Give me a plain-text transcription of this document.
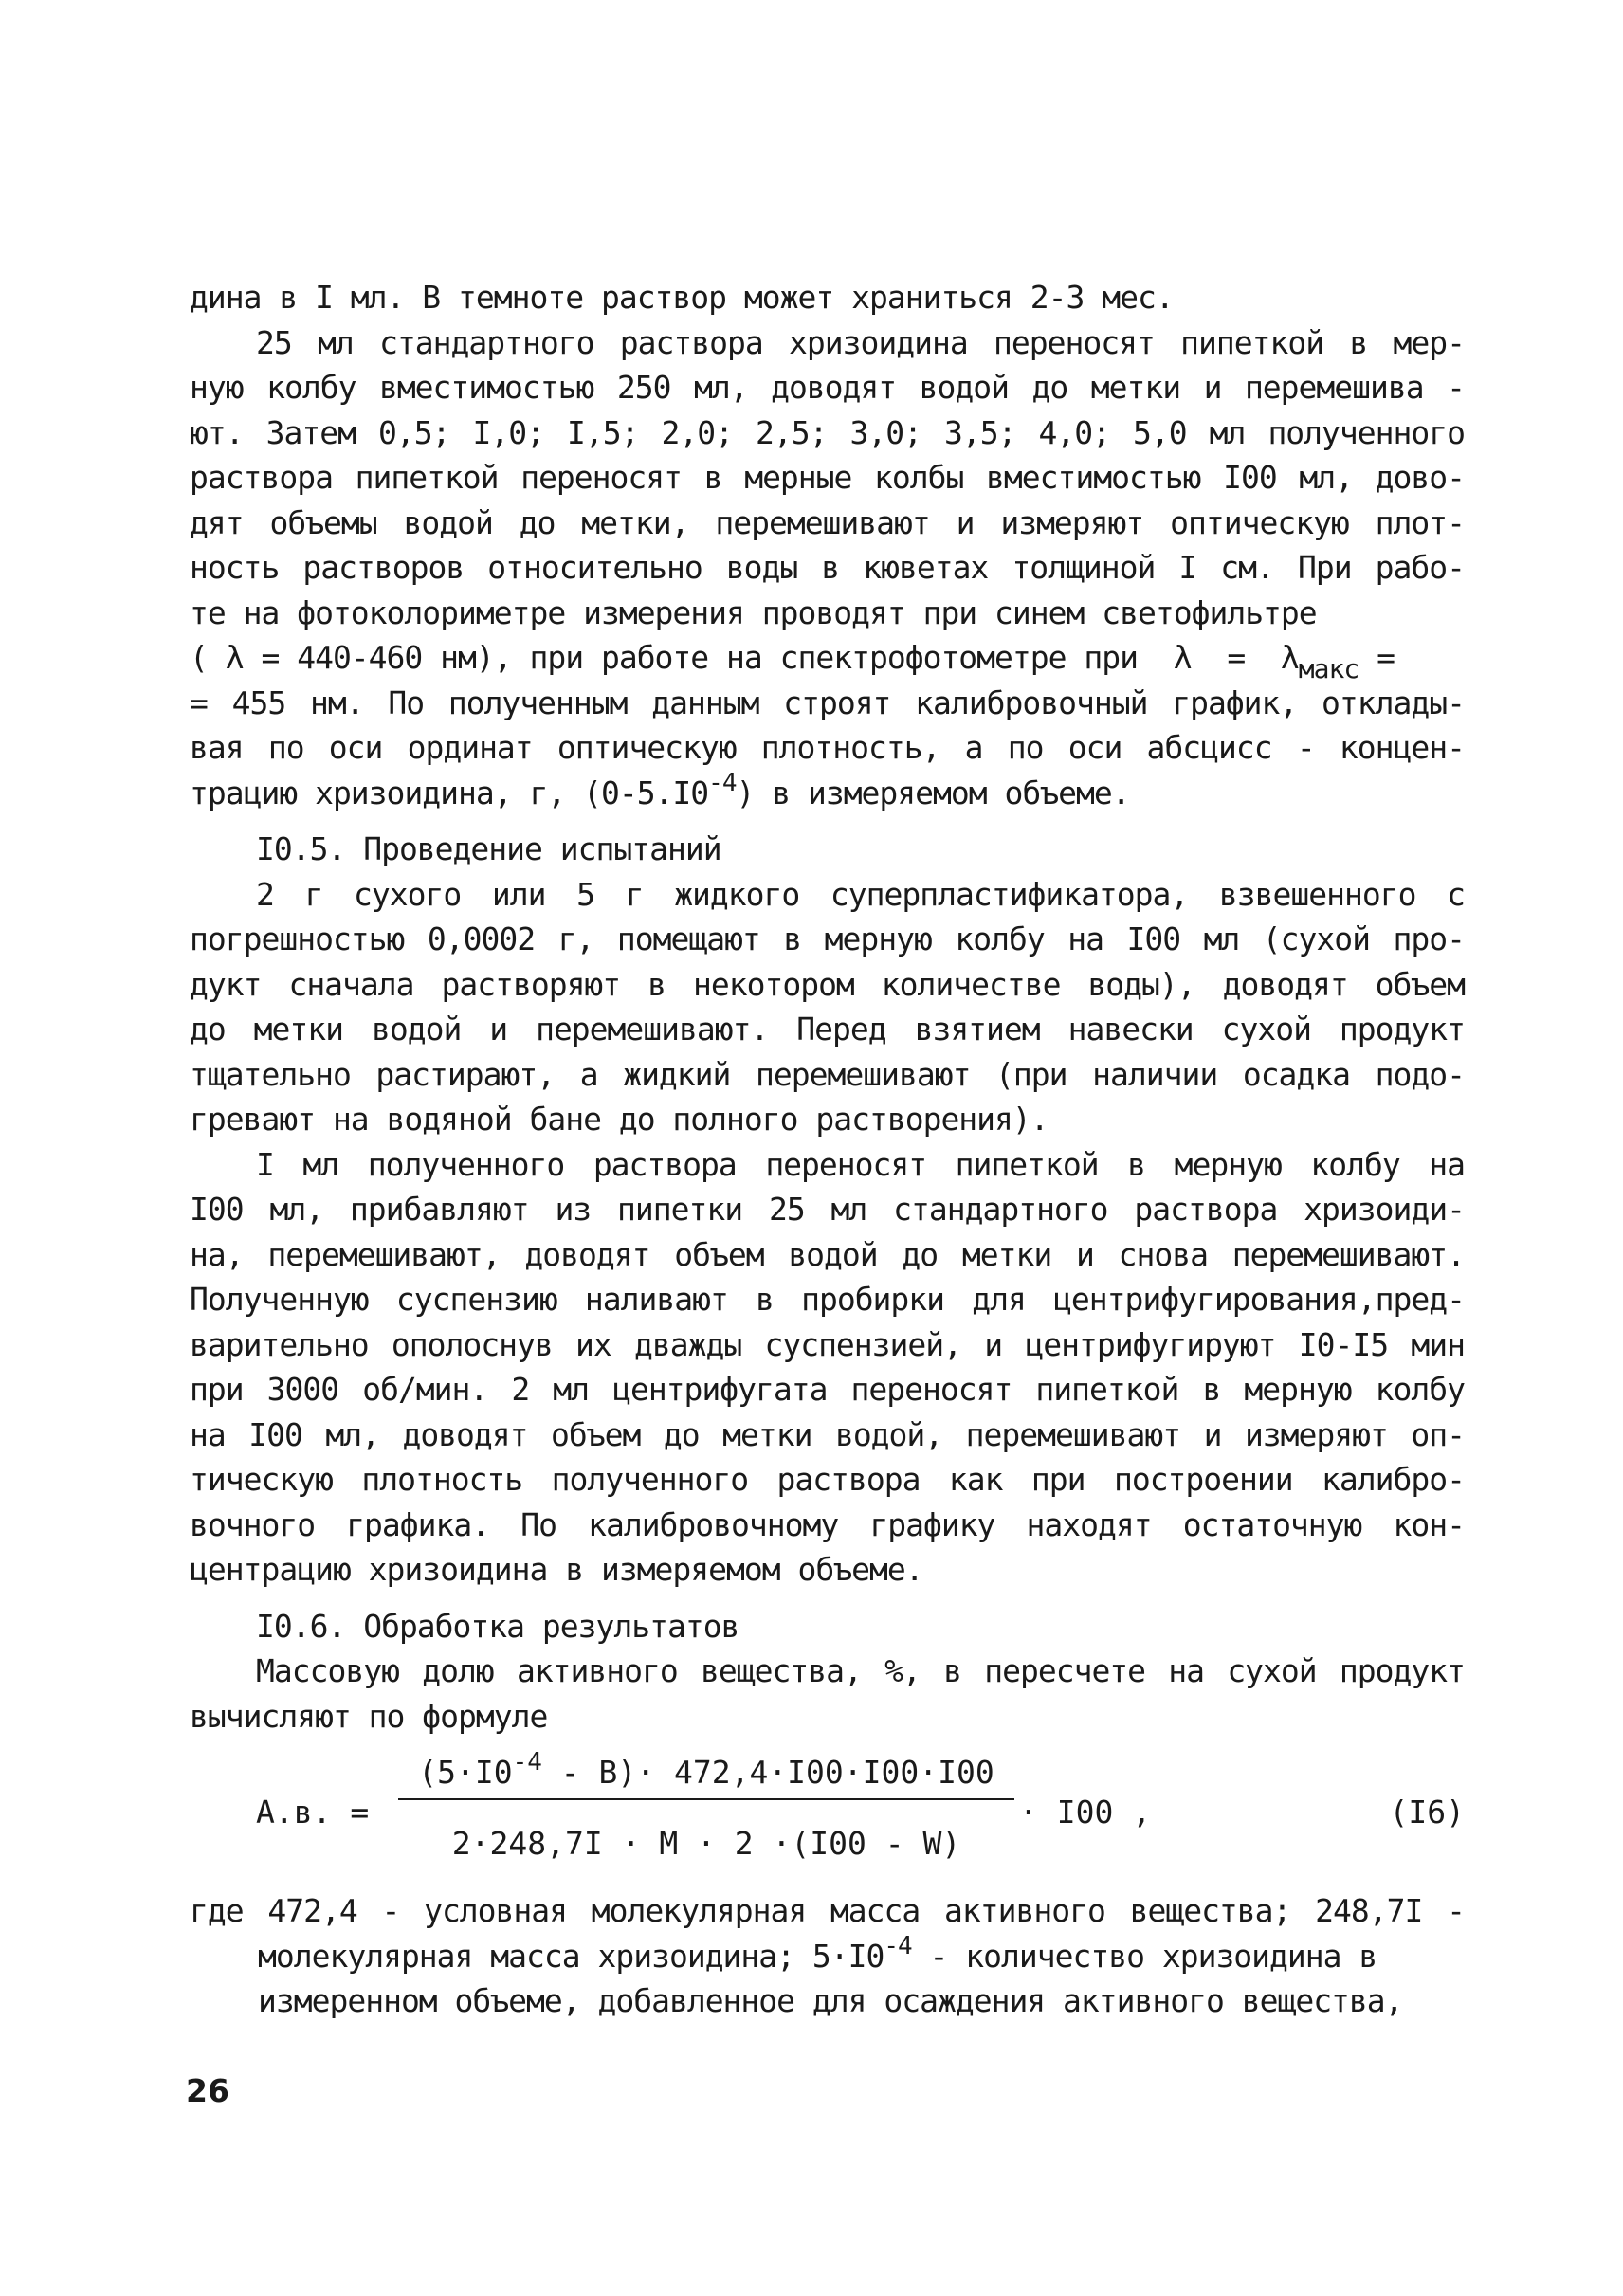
дина в I мл. В темноте раствор может храниться 2-3 мес.
25 мл стандартного раствора хризоидина переносят пипеткой в мер-
ную колбу вместимостью 250 мл, доводят водой до метки и перемешива -
ют. Затем 0,5; I,0; I,5; 2,0; 2,5; 3,0; 3,5; 4,0; 5,0 мл полученного
раствора пипеткой переносят в мерные колбы вместимостью I00 мл, дово-
дят объемы водой до метки, перемешивают и измеряют оптическую плот-
ность растворов относительно воды в кюветах толщиной I см. При рабо-
те на фотоколориметре измерения проводят при синем светофильтре
( λ = 440-460 нм), при работе на спектрофотометре при  $\lambda = \lambda_{макс}$ =
= 455 нм. По полученным данным строят калибровочный график, отклады-
вая по оси ординат оптическую плотность, а по оси абсцисс - концен-
трацию хризоидина, г, $(0-5.I0^{-4})$ в измеряемом объеме.
I0.5. Проведение испытаний
2 г сухого или 5 г жидкого суперпластификатора, взвешенного с
погрешностью 0,0002 г, помещают в мерную колбу на I00 мл (сухой про-
дукт сначала растворяют в некотором количестве воды), доводят объем
до метки водой и перемешивают. Перед взятием навески сухой продукт
тщательно растирают, а жидкий перемешивают (при наличии осадка подо-
гревают на водяной бане до полного растворения).
I мл полученного раствора переносят пипеткой в мерную колбу на
I00 мл, прибавляют из пипетки 25 мл стандартного раствора хризоиди-
на, перемешивают, доводят объем водой до метки и снова перемешивают.
Полученную суспензию наливают в пробирки для центрифугирования,пред-
варительно ополоснув их дважды суспензией, и центрифугируют I0-I5 мин
при 3000 об/мин. 2 мл центрифугата переносят пипеткой в мерную колбу
на I00 мл, доводят объем до метки водой, перемешивают и измеряют оп-
тическую плотность полученного раствора как при построении калибро-
вочного графика. По калибровочному графику находят остаточную кон-
центрацию хризоидина в измеряемом объеме.
I0.6. Обработка результатов
Массовую долю активного вещества, %, в пересчете на сухой продукт
вычисляют по формуле
А.в. =
$(5\cdot I0^{-4} - B)\cdot 472,4\cdot I00\cdot I00\cdot I00$
2·248,7I · M · 2 ·(I00 - W)
· I00 ,	(I6)
где 472,4 - условная молекулярная масса активного вещества; 248,7I -
молекулярная масса хризоидина; $5\cdot I0^{-4}$ - количество хризоидина в
измеренном объеме, добавленное для осаждения активного вещества,
26
